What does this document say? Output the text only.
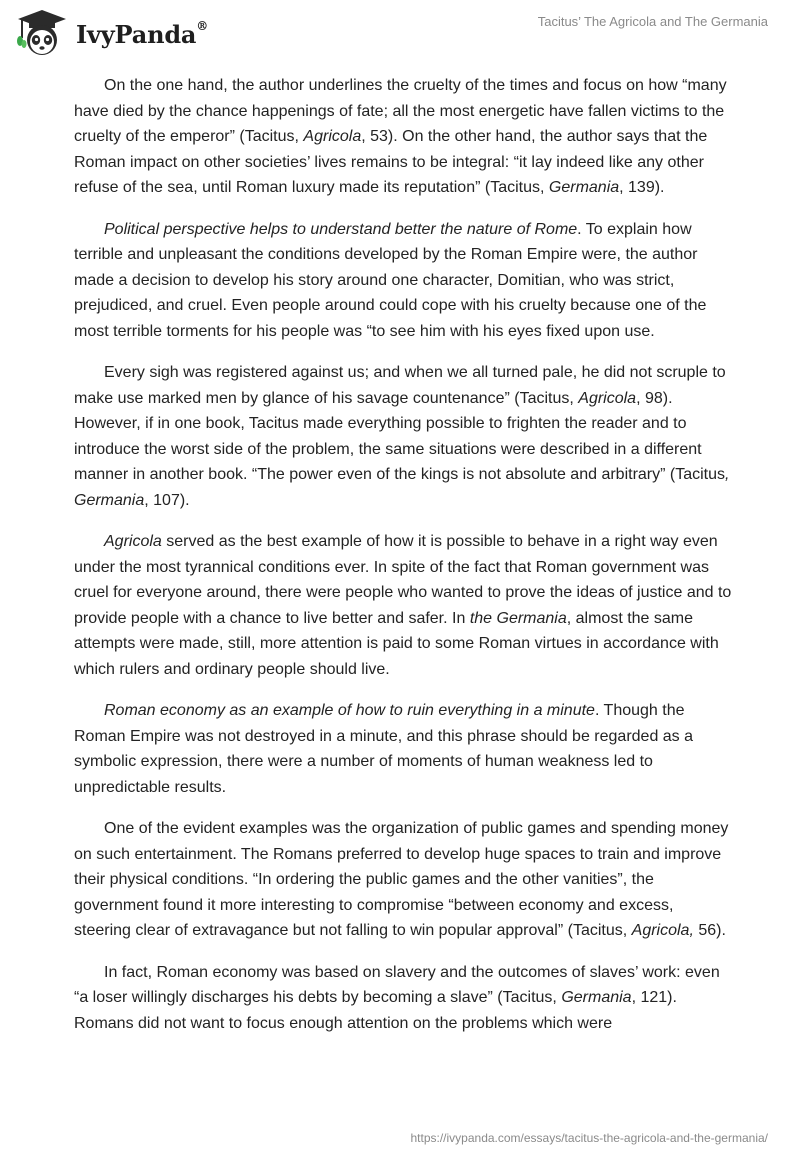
IvyPanda®	Tacitus’ The Agricola and The Germania

On the one hand, the author underlines the cruelty of the times and focus on how “many have died by the chance happenings of fate; all the most energetic have fallen victims to the cruelty of the emperor” (Tacitus, Agricola, 53). On the other hand, the author says that the Roman impact on other societies’ lives remains to be integral: “it lay indeed like any other refuse of the sea, until Roman luxury made its reputation” (Tacitus, Germania, 139).

Political perspective helps to understand better the nature of Rome. To explain how terrible and unpleasant the conditions developed by the Roman Empire were, the author made a decision to develop his story around one character, Domitian, who was strict, prejudiced, and cruel. Even people around could cope with his cruelty because one of the most terrible torments for his people was “to see him with his eyes fixed upon use.

Every sigh was registered against us; and when we all turned pale, he did not scruple to make use marked men by glance of his savage countenance” (Tacitus, Agricola, 98). However, if in one book, Tacitus made everything possible to frighten the reader and to introduce the worst side of the problem, the same situations were described in a different manner in another book. “The power even of the kings is not absolute and arbitrary” (Tacitus, Germania, 107).

Agricola served as the best example of how it is possible to behave in a right way even under the most tyrannical conditions ever. In spite of the fact that Roman government was cruel for everyone around, there were people who wanted to prove the ideas of justice and to provide people with a chance to live better and safer. In the Germania, almost the same attempts were made, still, more attention is paid to some Roman virtues in accordance with which rulers and ordinary people should live.

Roman economy as an example of how to ruin everything in a minute. Though the Roman Empire was not destroyed in a minute, and this phrase should be regarded as a symbolic expression, there were a number of moments of human weakness led to unpredictable results.

One of the evident examples was the organization of public games and spending money on such entertainment. The Romans preferred to develop huge spaces to train and improve their physical conditions. “In ordering the public games and the other vanities”, the government found it more interesting to compromise “between economy and excess, steering clear of extravagance but not falling to win popular approval” (Tacitus, Agricola, 56).

In fact, Roman economy was based on slavery and the outcomes of slaves’ work: even “a loser willingly discharges his debts by becoming a slave” (Tacitus, Germania, 121). Romans did not want to focus enough attention on the problems which were

https://ivypanda.com/essays/tacitus-the-agricola-and-the-germania/
